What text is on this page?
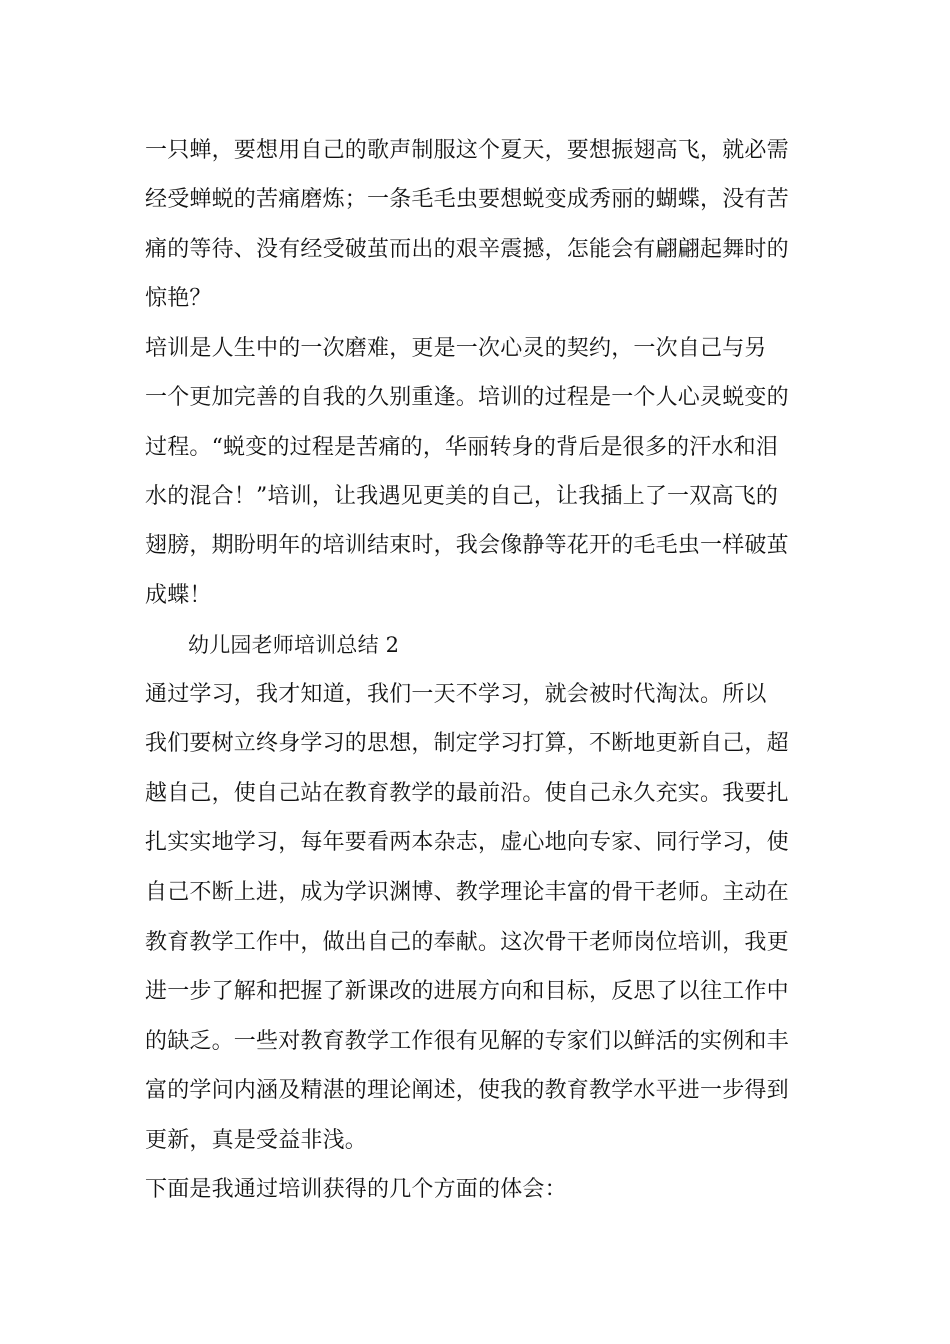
一只蝉，要想用自己的歌声制服这个夏天，要想振翅高飞，就必需
经受蝉蜕的苦痛磨炼；一条毛毛虫要想蜕变成秀丽的蝴蝶，没有苦
痛的等待、没有经受破茧而出的艰辛震撼，怎能会有翩翩起舞时的
惊艳？
培训是人生中的一次磨难，更是一次心灵的契约，一次自己与另
一个更加完善的自我的久别重逢。培训的过程是一个人心灵蜕变的
过程。“蜕变的过程是苦痛的，华丽转身的背后是很多的汗水和泪
水的混合！”培训，让我遇见更美的自己，让我插上了一双高飞的
翅膀，期盼明年的培训结束时，我会像静等花开的毛毛虫一样破茧
成蝶！
幼儿园老师培训总结 2
通过学习，我才知道，我们一天不学习，就会被时代淘汰。所以
我们要树立终身学习的思想，制定学习打算，不断地更新自己，超
越自己，使自己站在教育教学的最前沿。使自己永久充实。我要扎
扎实实地学习，每年要看两本杂志，虚心地向专家、同行学习，使
自己不断上进，成为学识渊博、教学理论丰富的骨干老师。主动在
教育教学工作中，做出自己的奉献。这次骨干老师岗位培训，我更
进一步了解和把握了新课改的进展方向和目标，反思了以往工作中
的缺乏。一些对教育教学工作很有见解的专家们以鲜活的实例和丰
富的学问内涵及精湛的理论阐述，使我的教育教学水平进一步得到
更新，真是受益非浅。
下面是我通过培训获得的几个方面的体会：
